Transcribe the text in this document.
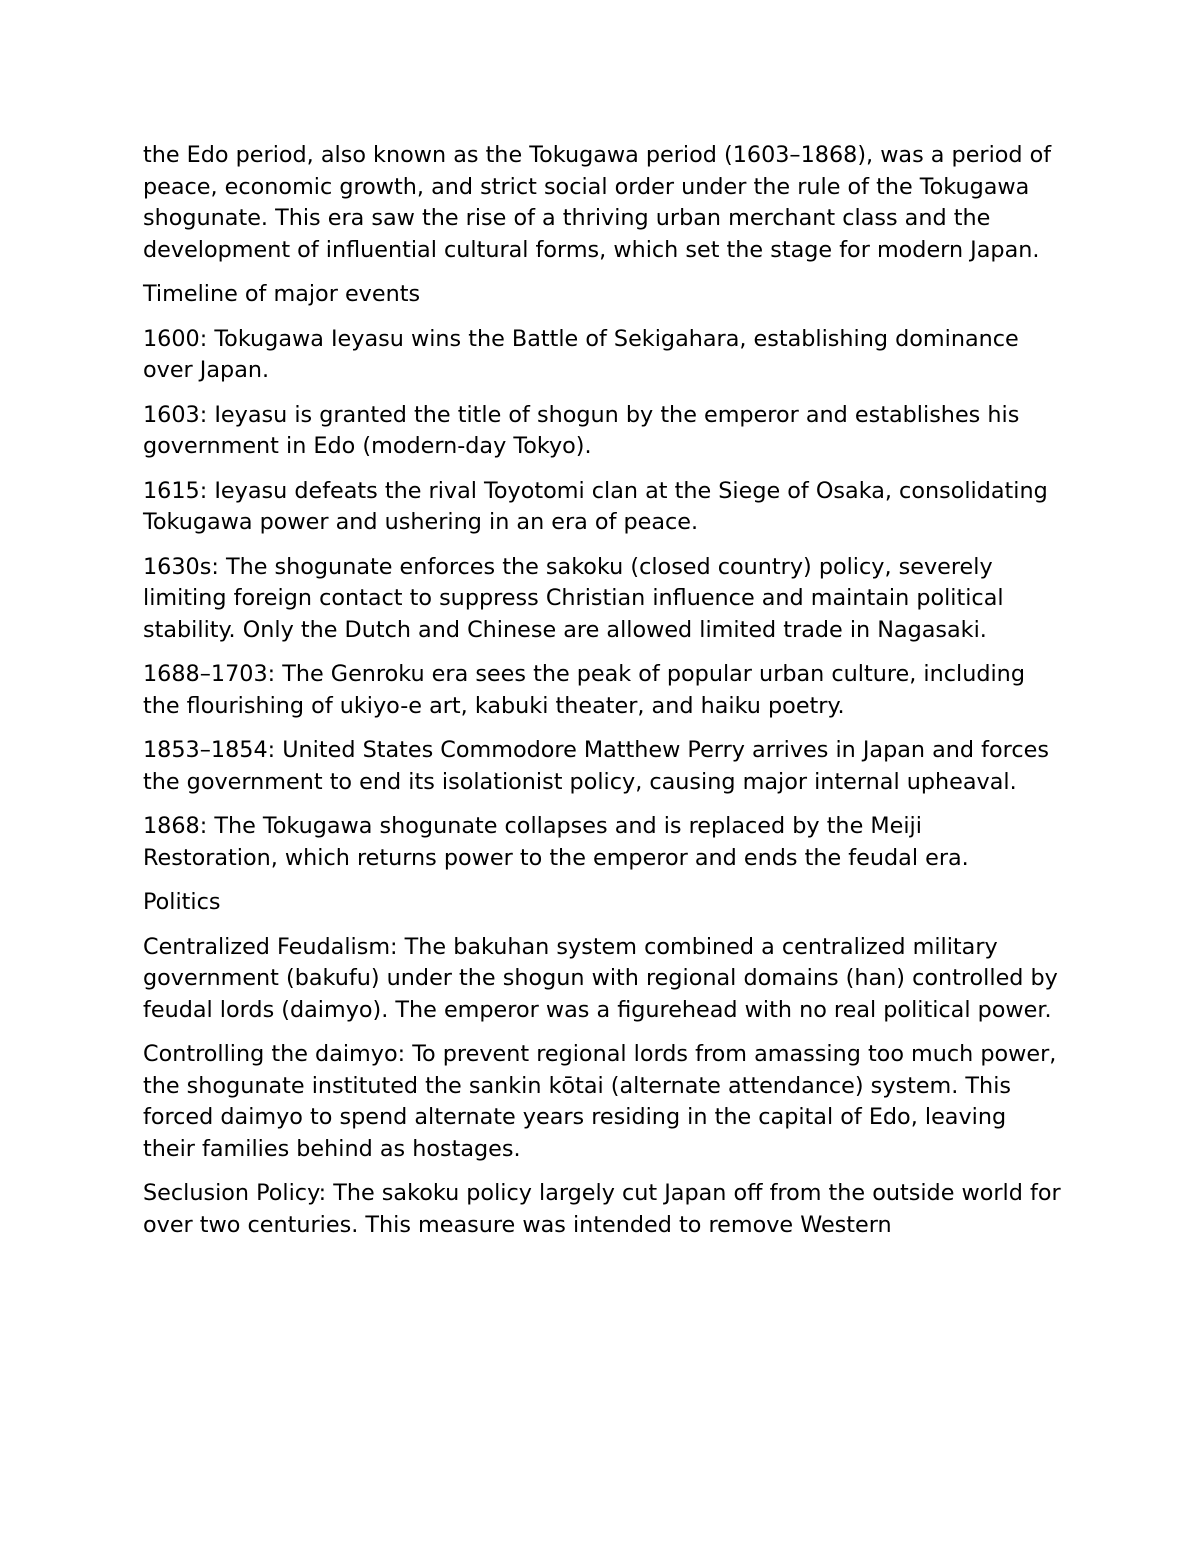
the Edo period, also known as the Tokugawa period (1603–1868), was a period of peace, economic growth, and strict social order under the rule of the Tokugawa shogunate. This era saw the rise of a thriving urban merchant class and the development of influential cultural forms, which set the stage for modern Japan.

Timeline of major events

1600: Tokugawa Ieyasu wins the Battle of Sekigahara, establishing dominance over Japan.

1603: Ieyasu is granted the title of shogun by the emperor and establishes his government in Edo (modern-day Tokyo).

1615: Ieyasu defeats the rival Toyotomi clan at the Siege of Osaka, consolidating Tokugawa power and ushering in an era of peace.

1630s: The shogunate enforces the sakoku (closed country) policy, severely limiting foreign contact to suppress Christian influence and maintain political stability. Only the Dutch and Chinese are allowed limited trade in Nagasaki.

1688–1703: The Genroku era sees the peak of popular urban culture, including the flourishing of ukiyo-e art, kabuki theater, and haiku poetry.

1853–1854: United States Commodore Matthew Perry arrives in Japan and forces the government to end its isolationist policy, causing major internal upheaval.

1868: The Tokugawa shogunate collapses and is replaced by the Meiji Restoration, which returns power to the emperor and ends the feudal era.

Politics

Centralized Feudalism: The bakuhan system combined a centralized military government (bakufu) under the shogun with regional domains (han) controlled by feudal lords (daimyo). The emperor was a figurehead with no real political power.

Controlling the daimyo: To prevent regional lords from amassing too much power, the shogunate instituted the sankin kōtai (alternate attendance) system. This forced daimyo to spend alternate years residing in the capital of Edo, leaving their families behind as hostages.

Seclusion Policy: The sakoku policy largely cut Japan off from the outside world for over two centuries. This measure was intended to remove Western
